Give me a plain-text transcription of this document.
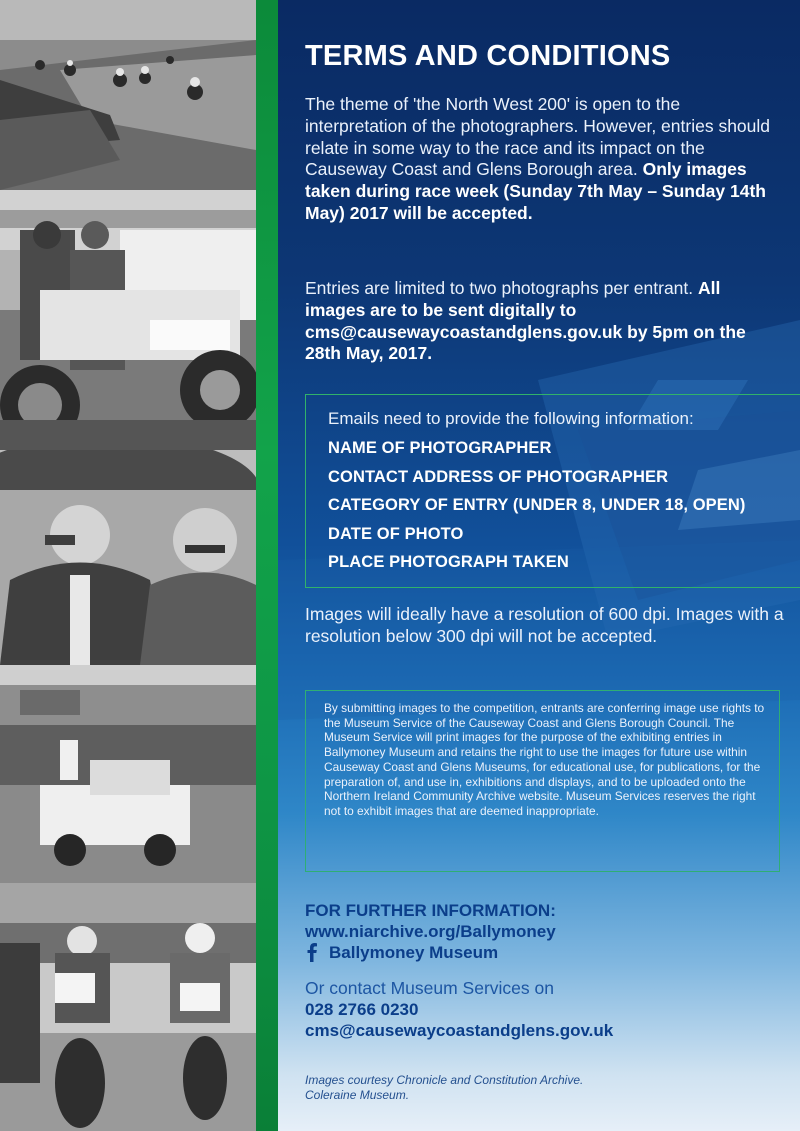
TERMS AND CONDITIONS
The theme of 'the North West 200' is open to the interpretation of the photographers. However, entries should relate in some way to the race and its impact on the Causeway Coast and Glens Borough area. Only images taken during race week (Sunday 7th May – Sunday 14th May) 2017 will be accepted.
Entries are limited to two photographs per entrant. All images are to be sent digitally to cms@causewaycoastandglens.gov.uk by 5pm on the 28th May, 2017.
Emails need to provide the following information:
NAME OF PHOTOGRAPHER
CONTACT ADDRESS OF PHOTOGRAPHER
CATEGORY OF ENTRY (UNDER 8, UNDER 18, OPEN)
DATE OF PHOTO
PLACE PHOTOGRAPH TAKEN
Images will ideally have a resolution of 600 dpi. Images with a resolution below 300 dpi will not be accepted.

By submitting images to the competition, entrants are conferring image use rights to the Museum Service of the Causeway Coast and Glens Borough Council. The Museum Service will print images for the purpose of the exhibiting entries in Ballymoney Museum and retains the right to use the images for future use within Causeway Coast and Glens Museums, for educational use, for publications, for the preparation of, and use in, exhibitions and displays, and to be uploaded onto the Northern Ireland Community Archive website. Museum Services reserves the right not to exhibit images that are deemed inappropriate.

FOR FURTHER INFORMATION:
www.niarchive.org/Ballymoney
Ballymoney Museum
Or contact Museum Services on
028 2766 0230
cms@causewaycoastandglens.gov.uk
Images courtesy Chronicle and Constitution Archive.
Coleraine Museum.
